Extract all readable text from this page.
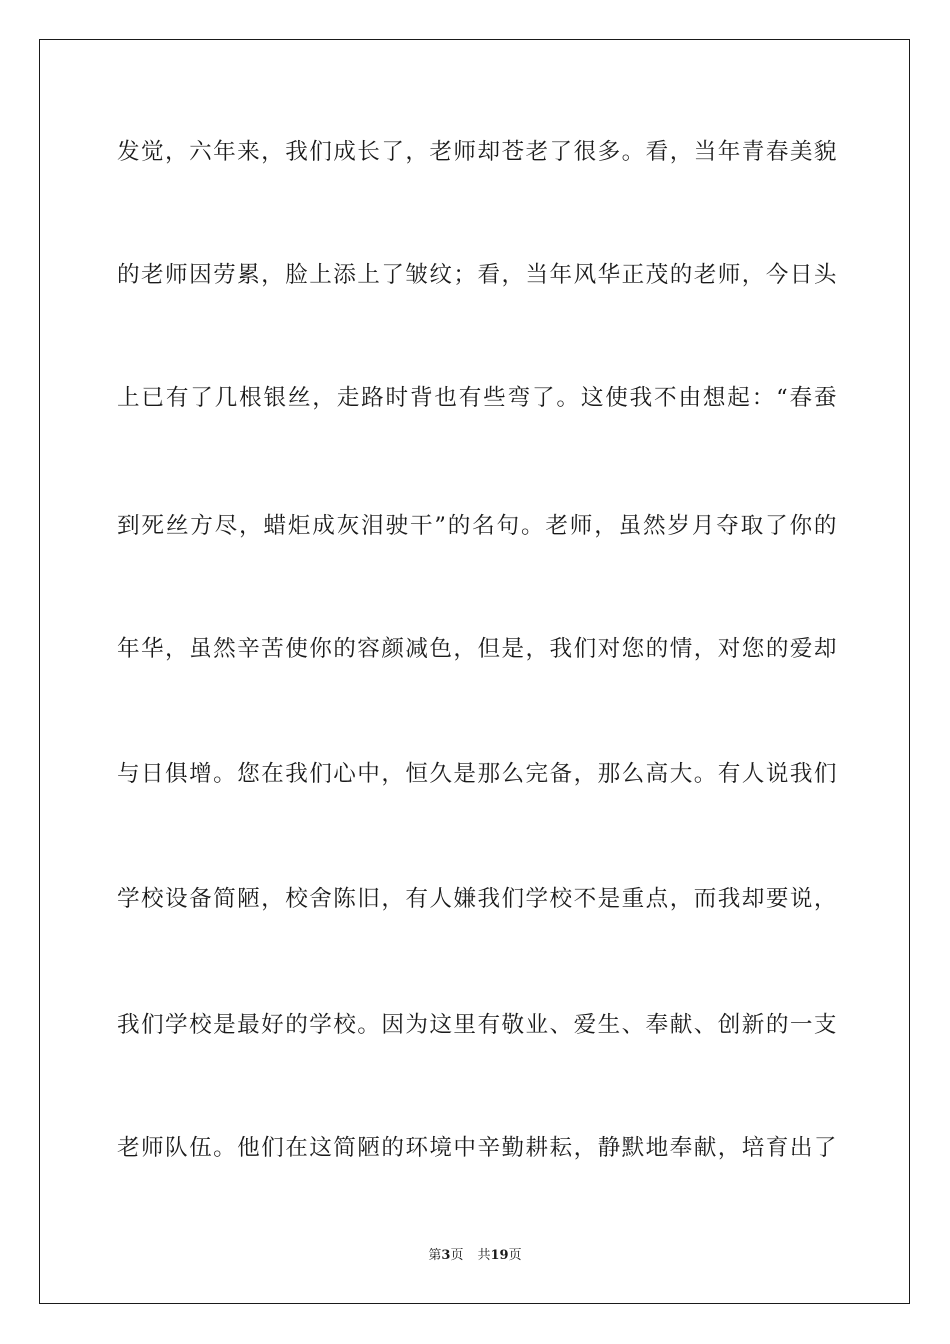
发觉，六年来，我们成长了，老师却苍老了很多。看，当年青春美貌
的老师因劳累，脸上添上了皱纹；看，当年风华正茂的老师，今日头
上已有了几根银丝，走路时背也有些弯了。这使我不由想起：“春蚕
到死丝方尽，蜡炬成灰泪驶干”的名句。老师，虽然岁月夺取了你的
年华，虽然辛苦使你的容颜减色，但是，我们对您的情，对您的爱却
与日俱增。您在我们心中，恒久是那么完备，那么高大。有人说我们
学校设备简陋，校舍陈旧，有人嫌我们学校不是重点，而我却要说，
我们学校是最好的学校。因为这里有敬业、爱生、奉献、创新的一支
老师队伍。他们在这简陋的环境中辛勤耕耘，静默地奉献，培育出了
第3页 共19页
